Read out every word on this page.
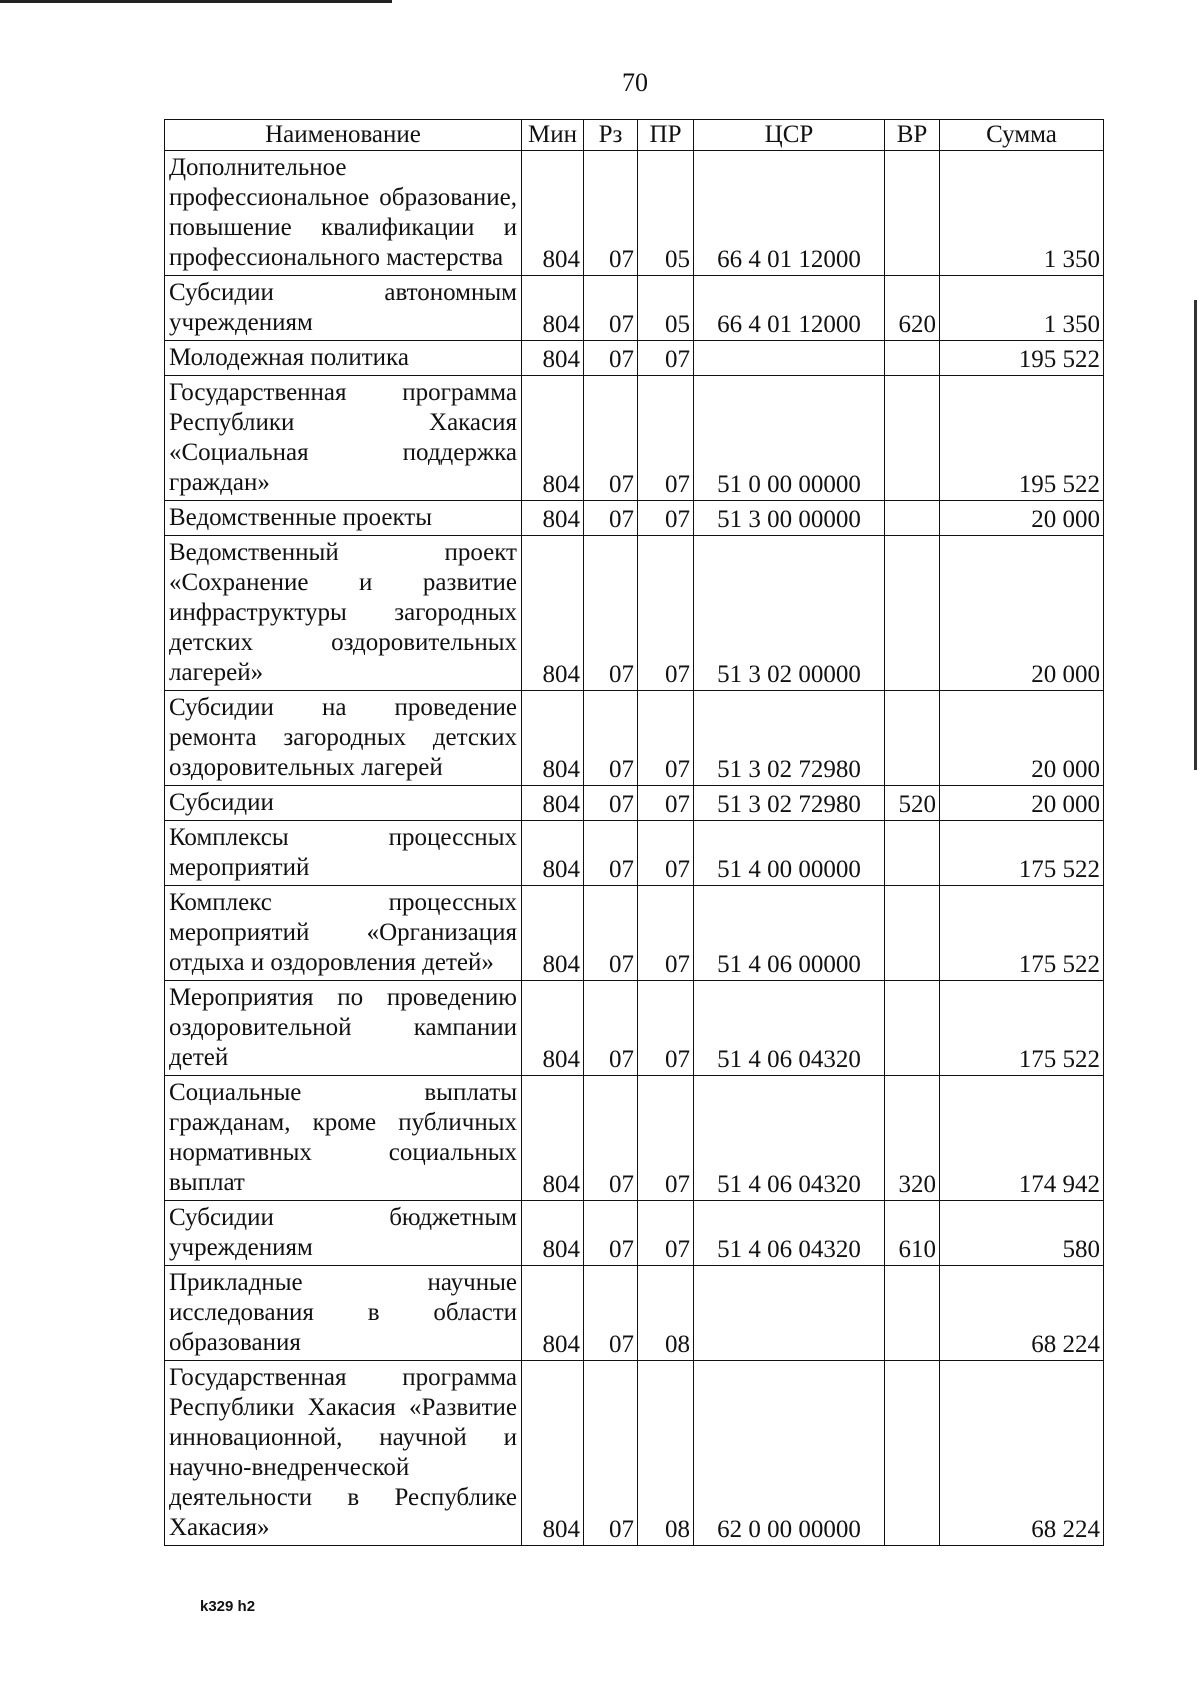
70
Наименование	Мин	Рз	ПР	ЦСР	ВР	Сумма
Дополнительное профессиональное образование, повышение квалификации и профессионального мастерства	804	07	05	66 4 01 12000		1 350
Субсидии автономным учреждениям	804	07	05	66 4 01 12000	620	1 350
Молодежная политика	804	07	07			195 522
Государственная программа Республики Хакасия «Социальная поддержка граждан»	804	07	07	51 0 00 00000		195 522
Ведомственные проекты	804	07	07	51 3 00 00000		20 000
Ведомственный проект «Сохранение и развитие инфраструктуры загородных детских оздоровительных лагерей»	804	07	07	51 3 02 00000		20 000
Субсидии на проведение ремонта загородных детских оздоровительных лагерей	804	07	07	51 3 02 72980		20 000
Субсидии	804	07	07	51 3 02 72980	520	20 000
Комплексы процессных мероприятий	804	07	07	51 4 00 00000		175 522
Комплекс процессных мероприятий «Организация отдыха и оздоровления детей»	804	07	07	51 4 06 00000		175 522
Мероприятия по проведению оздоровительной кампании детей	804	07	07	51 4 06 04320		175 522
Социальные выплаты гражданам, кроме публичных нормативных социальных выплат	804	07	07	51 4 06 04320	320	174 942
Субсидии бюджетным учреждениям	804	07	07	51 4 06 04320	610	580
Прикладные научные исследования в области образования	804	07	08			68 224
Государственная программа Республики Хакасия «Развитие инновационной, научной и научно-внедренческой деятельности в Республике Хакасия»	804	07	08	62 0 00 00000		68 224
k329 h2
